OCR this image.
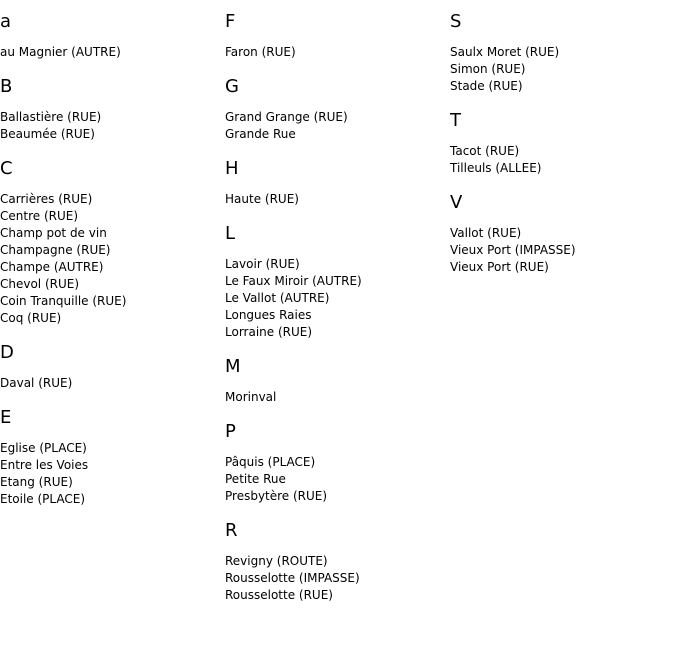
a
au Magnier (AUTRE)
B
Ballastière (RUE)
Beaumée (RUE)
C
Carrières (RUE)
Centre (RUE)
Champ pot de vin
Champagne (RUE)
Champe (AUTRE)
Chevol (RUE)
Coin Tranquille (RUE)
Coq (RUE)
D
Daval (RUE)
E
Eglise (PLACE)
Entre les Voies
Etang (RUE)
Etoile (PLACE)
F
Faron (RUE)
G
Grand Grange (RUE)
Grande Rue
H
Haute (RUE)
L
Lavoir (RUE)
Le Faux Miroir (AUTRE)
Le Vallot (AUTRE)
Longues Raies
Lorraine (RUE)
M
Morinval
P
Pâquis (PLACE)
Petite Rue
Presbytère (RUE)
R
Revigny (ROUTE)
Rousselotte (IMPASSE)
Rousselotte (RUE)
S
Saulx Moret (RUE)
Simon (RUE)
Stade (RUE)
T
Tacot (RUE)
Tilleuls (ALLEE)
V
Vallot (RUE)
Vieux Port (IMPASSE)
Vieux Port (RUE)
